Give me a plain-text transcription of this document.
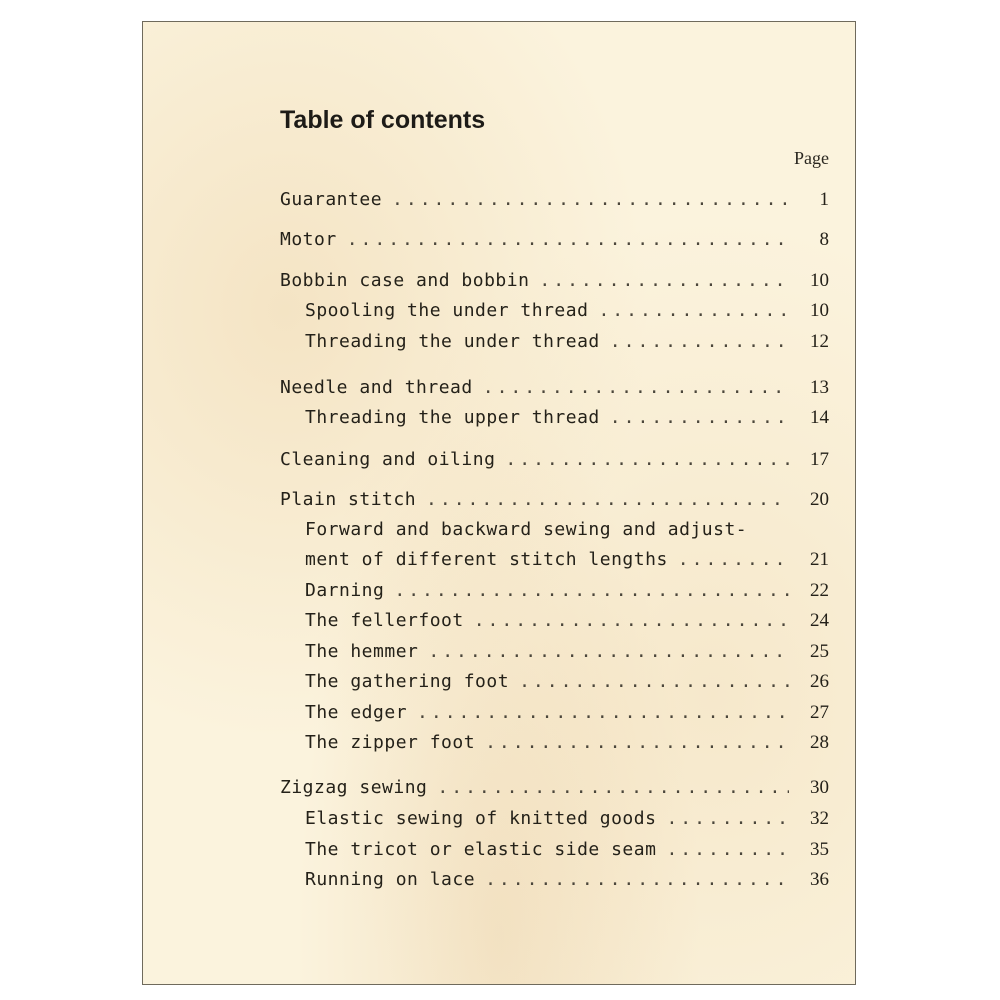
Table of contents
Page
Guarantee .....	1
Motor .....	8
Bobbin case and bobbin .....	10
Spooling the under thread .....	10
Threading the under thread .....	12
Needle and thread .....	13
Threading the upper thread .....	14
Cleaning and oiling .....	17
Plain stitch .....	20
Forward and backward sewing and adjust-
ment of different stitch lengths .....	21
Darning .....	22
The fellerfoot .....	24
The hemmer .....	25
The gathering foot .....	26
The edger .....	27
The zipper foot .....	28
Zigzag sewing .....	30
Elastic sewing of knitted goods .....	32
The tricot or elastic side seam .....	35
Running on lace .....	36
